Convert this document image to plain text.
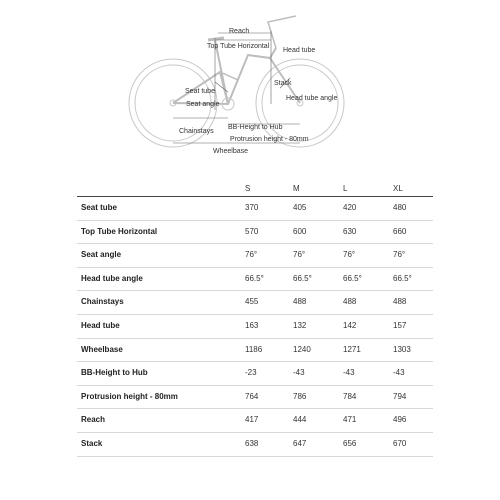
Reach
Top Tube Horizontal
Head tube
Stack
Head tube angle
Seat tube
Seat angle
Chainstays
BB-Height to Hub
Protrusion height - 80mm
Wheelbase
S	M	L	XL
Seat tube	370	405	420	480
Top Tube Horizontal	570	600	630	660
Seat angle	76°	76°	76°	76°
Head tube angle	66.5°	66.5°	66.5°	66.5°
Chainstays	455	488	488	488
Head tube	163	132	142	157
Wheelbase	1186	1240	1271	1303
BB-Height to Hub	-23	-43	-43	-43
Protrusion height - 80mm	764	786	784	794
Reach	417	444	471	496
Stack	638	647	656	670
